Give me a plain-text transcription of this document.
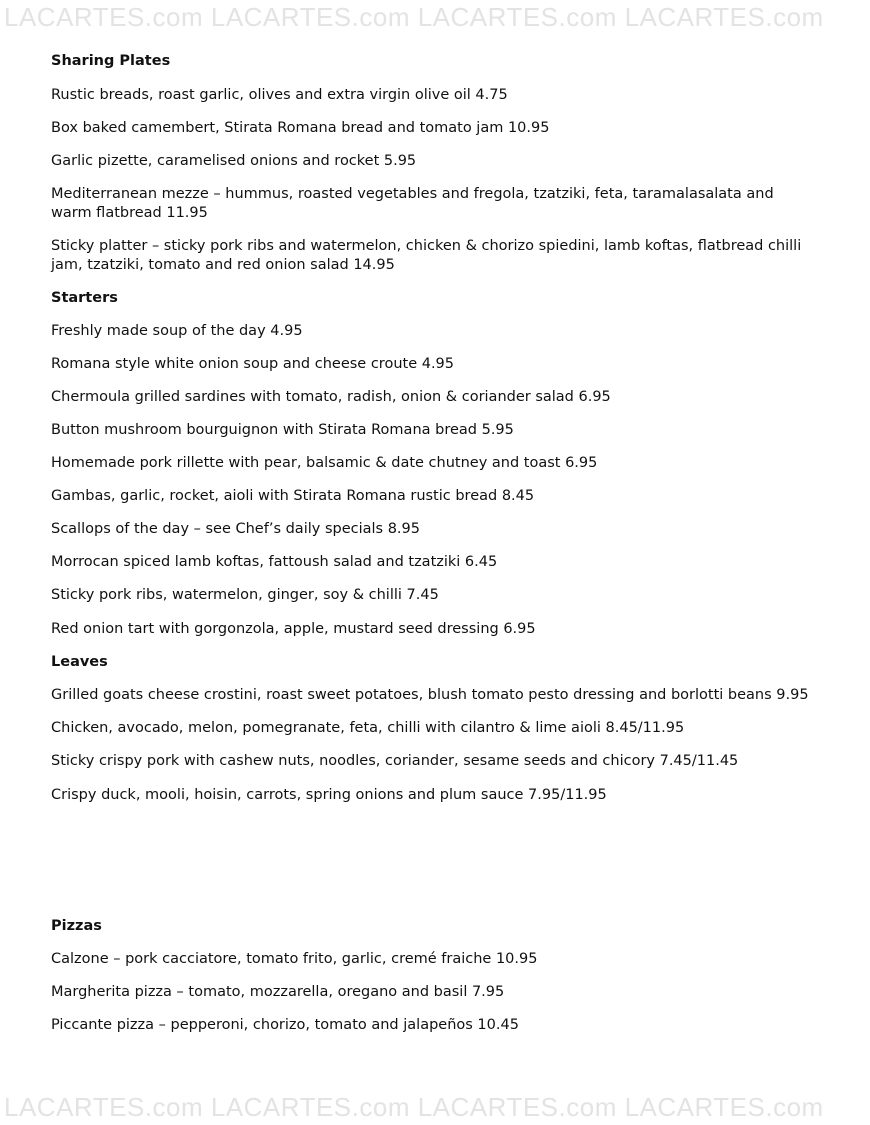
LACARTES.com LACARTES.com LACARTES.com LACARTES.com
Sharing Plates
Rustic breads, roast garlic, olives and extra virgin olive oil 4.75
Box baked camembert, Stirata Romana bread and tomato jam 10.95
Garlic pizette, caramelised onions and rocket 5.95
Mediterranean mezze – hummus, roasted vegetables and fregola, tzatziki, feta, taramalasalata and warm flatbread 11.95
Sticky platter – sticky pork ribs and watermelon, chicken & chorizo spiedini, lamb koftas, flatbread chilli jam, tzatziki, tomato and red onion salad 14.95
Starters
Freshly made soup of the day 4.95
Romana style white onion soup and cheese croute 4.95
Chermoula grilled sardines with tomato, radish, onion & coriander salad 6.95
Button mushroom bourguignon with Stirata Romana bread 5.95
Homemade pork rillette with pear, balsamic & date chutney and toast 6.95
Gambas, garlic, rocket, aioli with Stirata Romana rustic bread 8.45
Scallops of the day – see Chef’s daily specials 8.95
Morrocan spiced lamb koftas, fattoush salad and tzatziki 6.45
Sticky pork ribs, watermelon, ginger, soy & chilli 7.45
Red onion tart with gorgonzola, apple, mustard seed dressing 6.95
Leaves
Grilled goats cheese crostini, roast sweet potatoes, blush tomato pesto dressing and borlotti beans 9.95
Chicken, avocado, melon, pomegranate, feta, chilli with cilantro & lime aioli 8.45/11.95
Sticky crispy pork with cashew nuts, noodles, coriander, sesame seeds and chicory 7.45/11.45
Crispy duck, mooli, hoisin, carrots, spring onions and plum sauce 7.95/11.95
Pizzas
Calzone – pork cacciatore, tomato frito, garlic, cremé fraiche 10.95
Margherita pizza – tomato, mozzarella, oregano and basil 7.95
Piccante pizza – pepperoni, chorizo, tomato and jalapeños 10.45
LACARTES.com LACARTES.com LACARTES.com LACARTES.com
